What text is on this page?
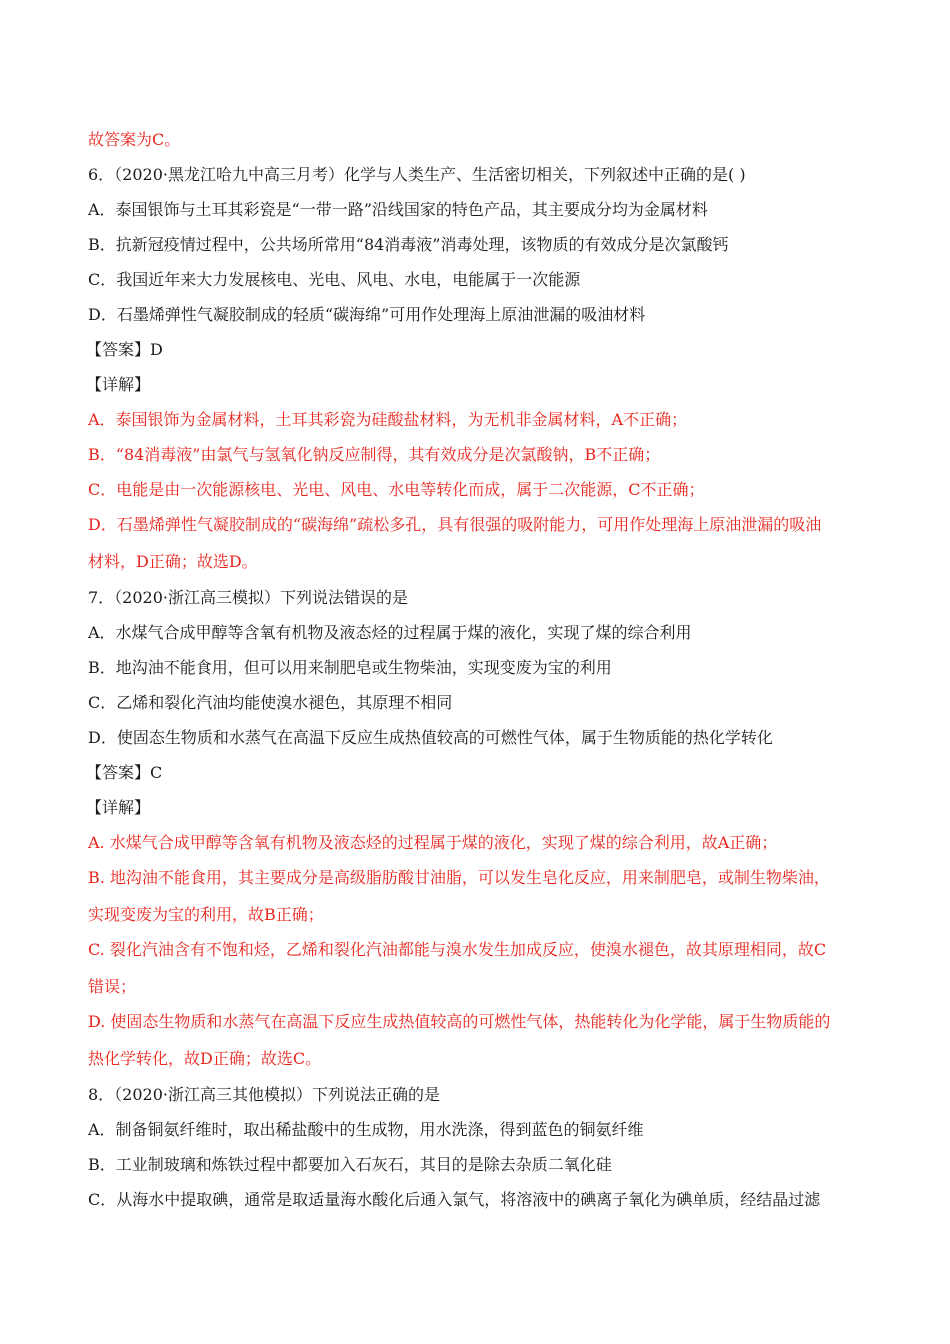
故答案为C。
6．（2020·黑龙江哈九中高三月考）化学与人类生产、生活密切相关，下列叙述中正确的是( )
A．泰国银饰与土耳其彩瓷是“一带一路”沿线国家的特色产品，其主要成分均为金属材料
B．抗新冠疫情过程中，公共场所常用“84消毒液”消毒处理，该物质的有效成分是次氯酸钙
C．我国近年来大力发展核电、光电、风电、水电，电能属于一次能源
D．石墨烯弹性气凝胶制成的轻质“碳海绵”可用作处理海上原油泄漏的吸油材料
【答案】D
【详解】
A．泰国银饰为金属材料，土耳其彩瓷为硅酸盐材料，为无机非金属材料，A不正确；
B．“84消毒液”由氯气与氢氧化钠反应制得，其有效成分是次氯酸钠，B不正确；
C．电能是由一次能源核电、光电、风电、水电等转化而成，属于二次能源，C不正确；
D．石墨烯弹性气凝胶制成的“碳海绵”疏松多孔，具有很强的吸附能力，可用作处理海上原油泄漏的吸油
材料，D正确；故选D。
7．（2020·浙江高三模拟）下列说法错误的是
A．水煤气合成甲醇等含氧有机物及液态烃的过程属于煤的液化，实现了煤的综合利用
B．地沟油不能食用，但可以用来制肥皂或生物柴油，实现变废为宝的利用
C．乙烯和裂化汽油均能使溴水褪色，其原理不相同
D．使固态生物质和水蒸气在高温下反应生成热值较高的可燃性气体，属于生物质能的热化学转化
【答案】C
【详解】
A. 水煤气合成甲醇等含氧有机物及液态烃的过程属于煤的液化，实现了煤的综合利用，故A正确；
B. 地沟油不能食用，其主要成分是高级脂肪酸甘油脂，可以发生皂化反应，用来制肥皂，或制生物柴油，
实现变废为宝的利用，故B正确；
C. 裂化汽油含有不饱和烃，乙烯和裂化汽油都能与溴水发生加成反应，使溴水褪色，故其原理相同，故C
错误；
D. 使固态生物质和水蒸气在高温下反应生成热值较高的可燃性气体，热能转化为化学能，属于生物质能的
热化学转化，故D正确；故选C。
8．（2020·浙江高三其他模拟）下列说法正确的是
A．制备铜氨纤维时，取出稀盐酸中的生成物，用水洗涤，得到蓝色的铜氨纤维
B．工业制玻璃和炼铁过程中都要加入石灰石，其目的是除去杂质二氧化硅
C．从海水中提取碘，通常是取适量海水酸化后通入氯气，将溶液中的碘离子氧化为碘单质，经结晶过滤
